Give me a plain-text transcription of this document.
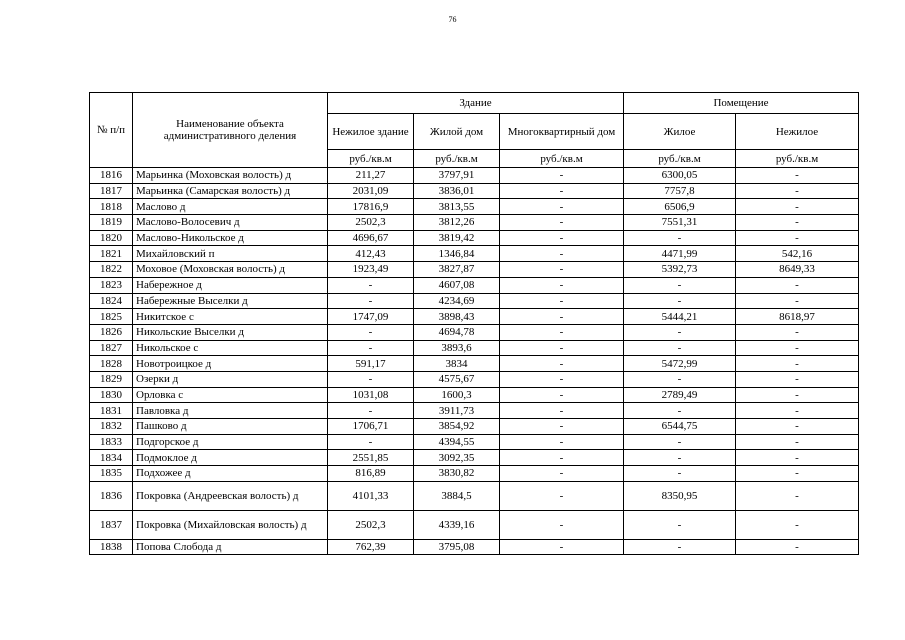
76
№ п/п	Наименование объекта административного деления	Здание			Помещение	
		Нежилое здание	Жилой дом	Многоквартирный дом	Жилое	Нежилое
		руб./кв.м	руб./кв.м	руб./кв.м	руб./кв.м	руб./кв.м
1816	Марьинка (Моховская волость) д	211,27	3797,91	-	6300,05	-
1817	Марьинка (Самарская волость) д	2031,09	3836,01	-	7757,8	-
1818	Маслово д	17816,9	3813,55	-	6506,9	-
1819	Маслово-Волосевич д	2502,3	3812,26	-	7551,31	-
1820	Маслово-Никольское д	4696,67	3819,42	-	-	-
1821	Михайловский п	412,43	1346,84	-	4471,99	542,16
1822	Моховое (Моховская волость) д	1923,49	3827,87	-	5392,73	8649,33
1823	Набережное д	-	4607,08	-	-	-
1824	Набережные Выселки д	-	4234,69	-	-	-
1825	Никитское с	1747,09	3898,43	-	5444,21	8618,97
1826	Никольские Выселки д	-	4694,78	-	-	-
1827	Никольское с	-	3893,6	-	-	-
1828	Новотроицкое д	591,17	3834	-	5472,99	-
1829	Озерки д	-	4575,67	-	-	-
1830	Орловка с	1031,08	1600,3	-	2789,49	-
1831	Павловка д	-	3911,73	-	-	-
1832	Пашково д	1706,71	3854,92	-	6544,75	-
1833	Подгорское д	-	4394,55	-	-	-
1834	Подмоклое д	2551,85	3092,35	-	-	-
1835	Подхожее д	816,89	3830,82	-	-	-
1836	Покровка (Андреевская волость) д	4101,33	3884,5	-	8350,95	-
1837	Покровка (Михайловская волость) д	2502,3	4339,16	-	-	-
1838	Попова Слобода д	762,39	3795,08	-	-	-
